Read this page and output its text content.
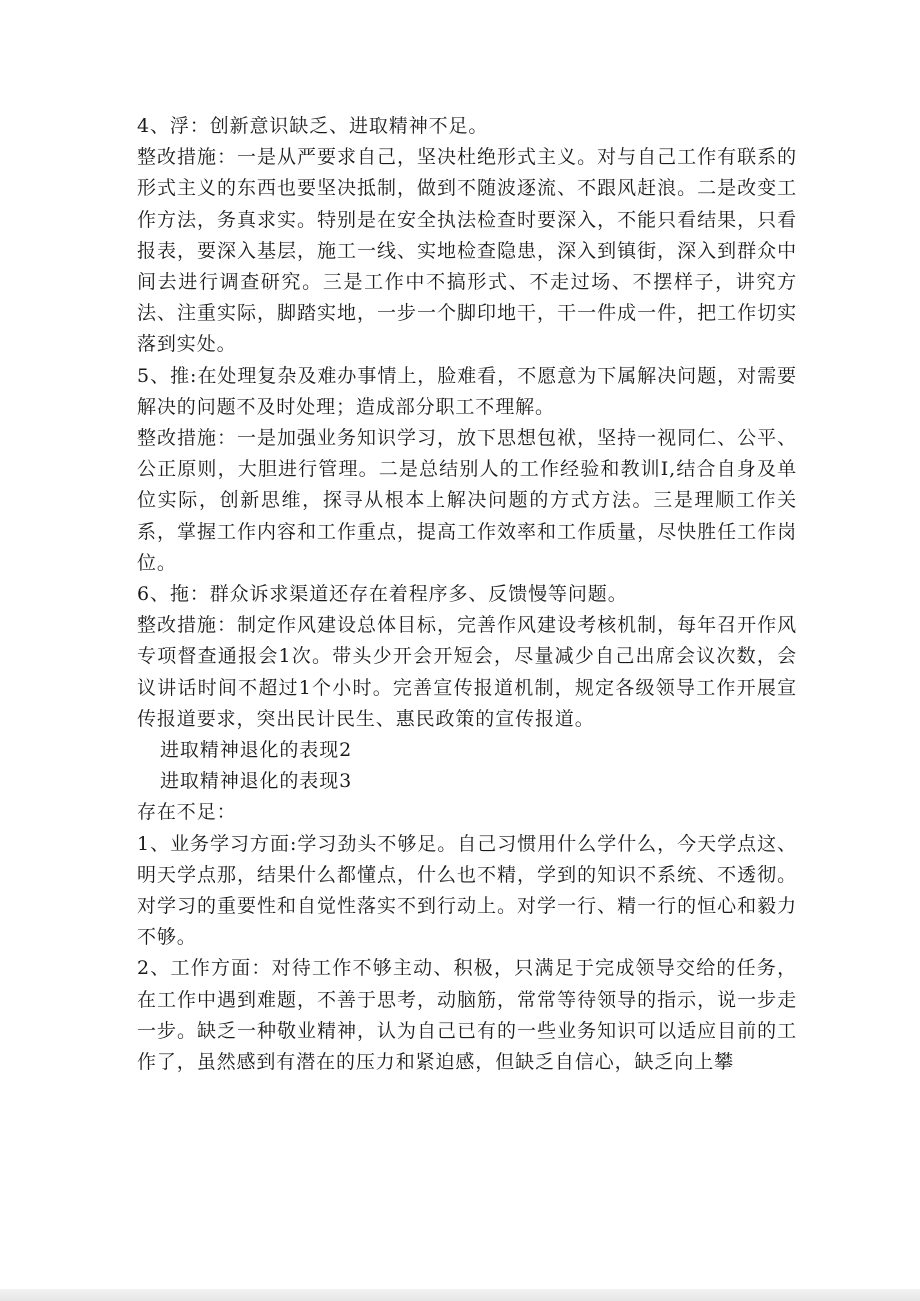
4、浮：创新意识缺乏、进取精神不足。

整改措施：一是从严要求自己，坚决杜绝形式主义。对与自己工作有联系的形式主义的东西也要坚决抵制，做到不随波逐流、不跟风赶浪。二是改变工作方法，务真求实。特别是在安全执法检查时要深入，不能只看结果，只看报表，要深入基层，施工一线、实地检查隐患，深入到镇街，深入到群众中间去进行调查研究。三是工作中不搞形式、不走过场、不摆样子，讲究方法、注重实际，脚踏实地，一步一个脚印地干，干一件成一件，把工作切实落到实处。

5、推:在处理复杂及难办事情上，脸难看，不愿意为下属解决问题，对需要解决的问题不及时处理；造成部分职工不理解。

整改措施：一是加强业务知识学习，放下思想包袱，坚持一视同仁、公平、公正原则，大胆进行管理。二是总结别人的工作经验和教训I,结合自身及单位实际，创新思维，探寻从根本上解决问题的方式方法。三是理顺工作关系，掌握工作内容和工作重点，提高工作效率和工作质量，尽快胜任工作岗位。

6、拖：群众诉求渠道还存在着程序多、反馈慢等问题。

整改措施：制定作风建设总体目标，完善作风建设考核机制，每年召开作风专项督查通报会1次。带头少开会开短会，尽量减少自己出席会议次数，会议讲话时间不超过1个小时。完善宣传报道机制，规定各级领导工作开展宣传报道要求，突出民计民生、惠民政策的宣传报道。

进取精神退化的表现2

进取精神退化的表现3

存在不足：

1、业务学习方面:学习劲头不够足。自己习惯用什么学什么，今天学点这、明天学点那，结果什么都懂点，什么也不精，学到的知识不系统、不透彻。对学习的重要性和自觉性落实不到行动上。对学一行、精一行的恒心和毅力不够。

2、工作方面：对待工作不够主动、积极，只满足于完成领导交给的任务，在工作中遇到难题，不善于思考，动脑筋，常常等待领导的指示，说一步走一步。缺乏一种敬业精神，认为自己已有的一些业务知识可以适应目前的工作了，虽然感到有潜在的压力和紧迫感，但缺乏自信心，缺乏向上攀
